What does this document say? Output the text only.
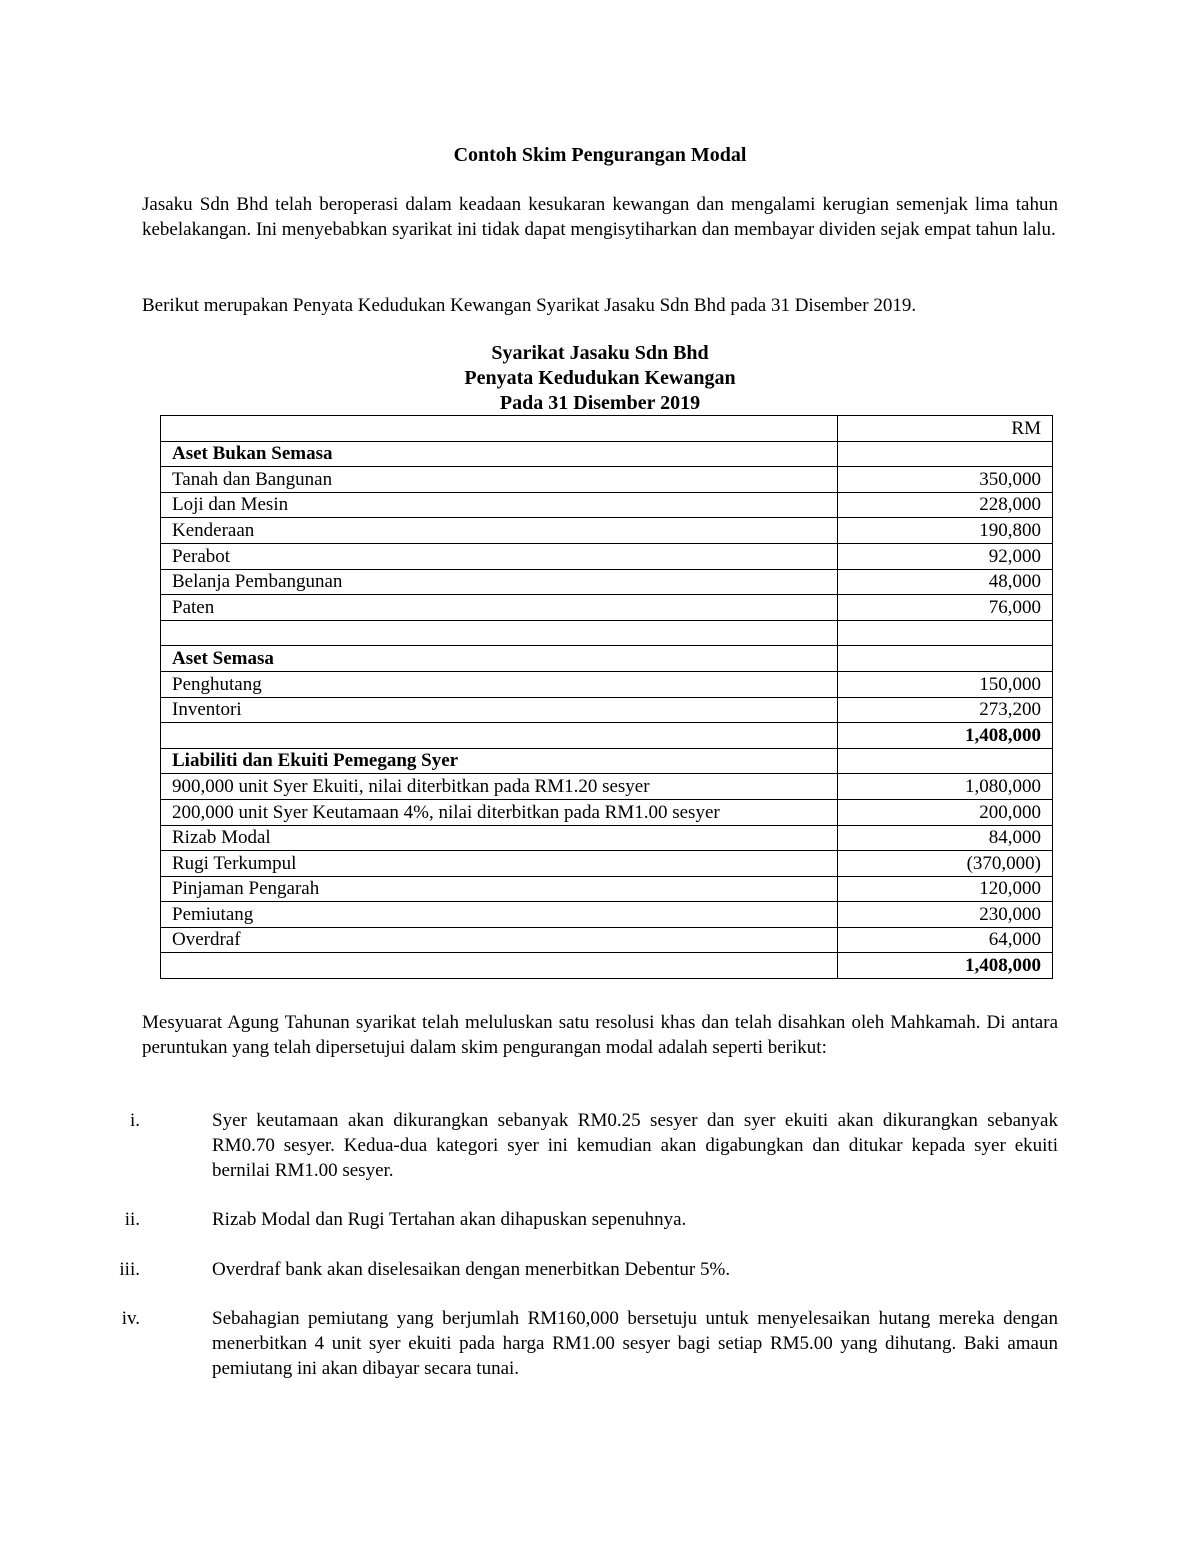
Contoh Skim Pengurangan Modal
Jasaku Sdn Bhd telah beroperasi dalam keadaan kesukaran kewangan dan mengalami kerugian semenjak lima tahun kebelakangan. Ini menyebabkan syarikat ini tidak dapat mengisytiharkan dan membayar dividen sejak empat tahun lalu.
Berikut merupakan Penyata Kedudukan Kewangan Syarikat Jasaku Sdn Bhd pada 31 Disember 2019.
Syarikat Jasaku Sdn Bhd
Penyata Kedudukan Kewangan
Pada 31 Disember 2019
	RM
Aset Bukan Semasa	
Tanah dan Bangunan	350,000
Loji dan Mesin	228,000
Kenderaan	190,800
Perabot	92,000
Belanja Pembangunan	48,000
Paten	76,000

Aset Semasa	
Penghutang	150,000
Inventori	273,200
	1,408,000
Liabiliti dan Ekuiti Pemegang Syer	
900,000 unit Syer Ekuiti, nilai diterbitkan pada RM1.20 sesyer	1,080,000
200,000 unit Syer Keutamaan 4%, nilai diterbitkan pada RM1.00 sesyer	200,000
Rizab Modal	84,000
Rugi Terkumpul	(370,000)
Pinjaman Pengarah	120,000
Pemiutang	230,000
Overdraf	64,000
	1,408,000
Mesyuarat Agung Tahunan syarikat telah meluluskan satu resolusi khas dan telah disahkan oleh Mahkamah. Di antara peruntukan yang telah dipersetujui dalam skim pengurangan modal adalah seperti berikut:
i.	Syer keutamaan akan dikurangkan sebanyak RM0.25 sesyer dan syer ekuiti akan dikurangkan sebanyak RM0.70 sesyer. Kedua-dua kategori syer ini kemudian akan digabungkan dan ditukar kepada syer ekuiti bernilai RM1.00 sesyer.
ii.	Rizab Modal dan Rugi Tertahan akan dihapuskan sepenuhnya.
iii.	Overdraf bank akan diselesaikan dengan menerbitkan Debentur 5%.
iv.	Sebahagian pemiutang yang berjumlah RM160,000 bersetuju untuk menyelesaikan hutang mereka dengan menerbitkan 4 unit syer ekuiti pada harga RM1.00 sesyer bagi setiap RM5.00 yang dihutang. Baki amaun pemiutang ini akan dibayar secara tunai.
